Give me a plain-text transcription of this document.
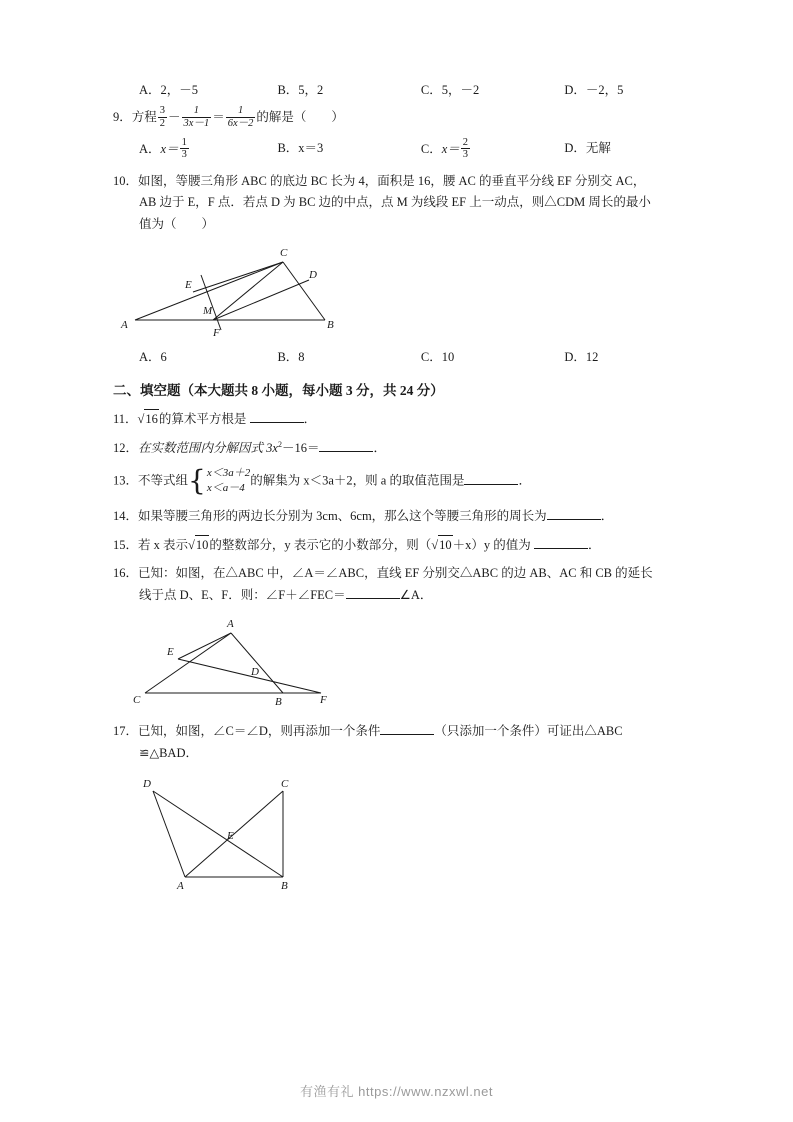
A．2，－5	B．5，2	C．5，－2	D．－2，5
9．方程 $\frac{3}{2} - \frac{1}{3x-1} = \frac{1}{6x-2}$ 的解是（　　）
A．$x= \frac{1}{3}$	B．x＝3	C．$x= \frac{2}{3}$	D．无解
10．如图，等腰三角形 ABC 的底边 BC 长为 4，面积是 16，腰 AC 的垂直平分线 EF 分别交 AC，
AB 边于 E，F 点．若点 D 为 BC 边的中点，点 M 为线段 EF 上一动点，则△CDM 周长的最小
值为（　　）
A	B
C
D
E
F
M
A．6	B．8	C．10	D．12
二、填空题（本大题共 8 小题，每小题 3 分，共 24 分）
11．√16的算术平方根是	．
12．在实数范围内分解因式 $3x^2-16=$	．
13．不等式组 { x＜3a＋2
x＜a－4
的解集为 x＜3a＋2，则 a 的取值范围是	．
14．如果等腰三角形的两边长分别为 3cm、6cm，那么这个等腰三角形的周长为	．
15．若 x 表示√10的整数部分，y 表示它的小数部分，则（√10＋x）y 的值为	．
16．已知：如图，在△ABC 中，∠A＝∠ABC，直线 EF 分别交△ABC 的边 AB、AC 和 CB 的延长
线于点 D、E、F．则：∠F＋∠FEC＝	∠A．
A
E
D
C	B	F
17．已知，如图，∠C＝∠D，则再添加一个条件	（只添加一个条件）可证出△ABC
≌△BAD．
D	C
E
A	B
有渔有礼 https://www.nzxwl.net
